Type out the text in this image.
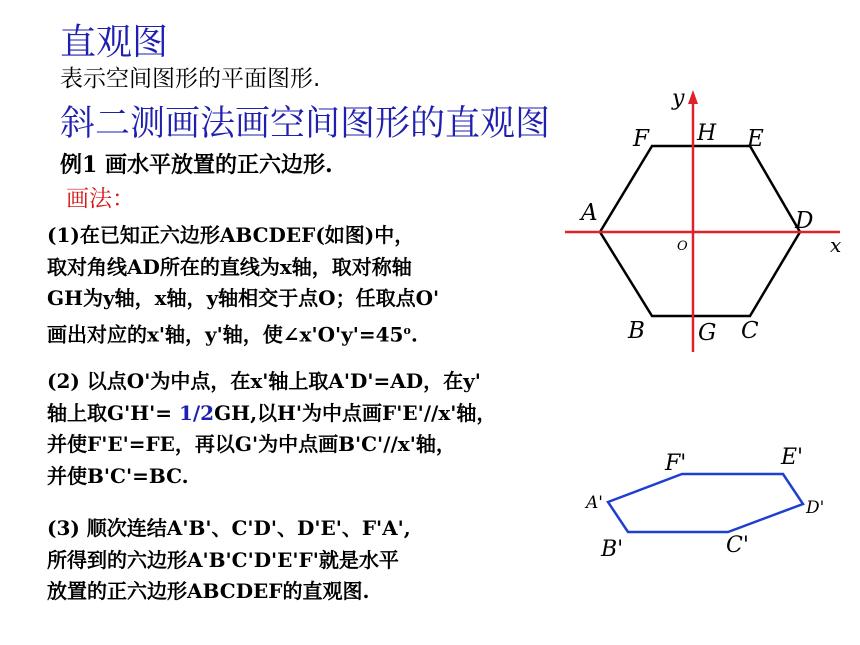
直观图
表示空间图形的平面图形.
斜二测画法画空间图形的直观图
例1 画水平放置的正六边形.
画法：
(1)在已知正六边形ABCDEF(如图)中，
取对角线AD所在的直线为x轴，取对称轴
GH为y轴，x轴，y轴相交于点O；任取点O'
画出对应的x'轴，y'轴，使$\angle x'O'y'=45^o$.
(2) 以点O'为中点，在x'轴上取A'D'=AD，在y'
轴上取G'H'= 1/2GH,以H'为中点画F'E'//x'轴，
并使F'E'=FE，再以G'为中点画B'C'//x'轴，
并使B'C'=BC.
(3) 顺次连结A'B'、C'D'、D'E'、F'A',
所得到的六边形A'B'C'D'E'F'就是水平
放置的正六边形ABCDEF的直观图.
y
H
F	E
A	D
O	x
B G C
F'	E'
A'	D'
B'	C'
